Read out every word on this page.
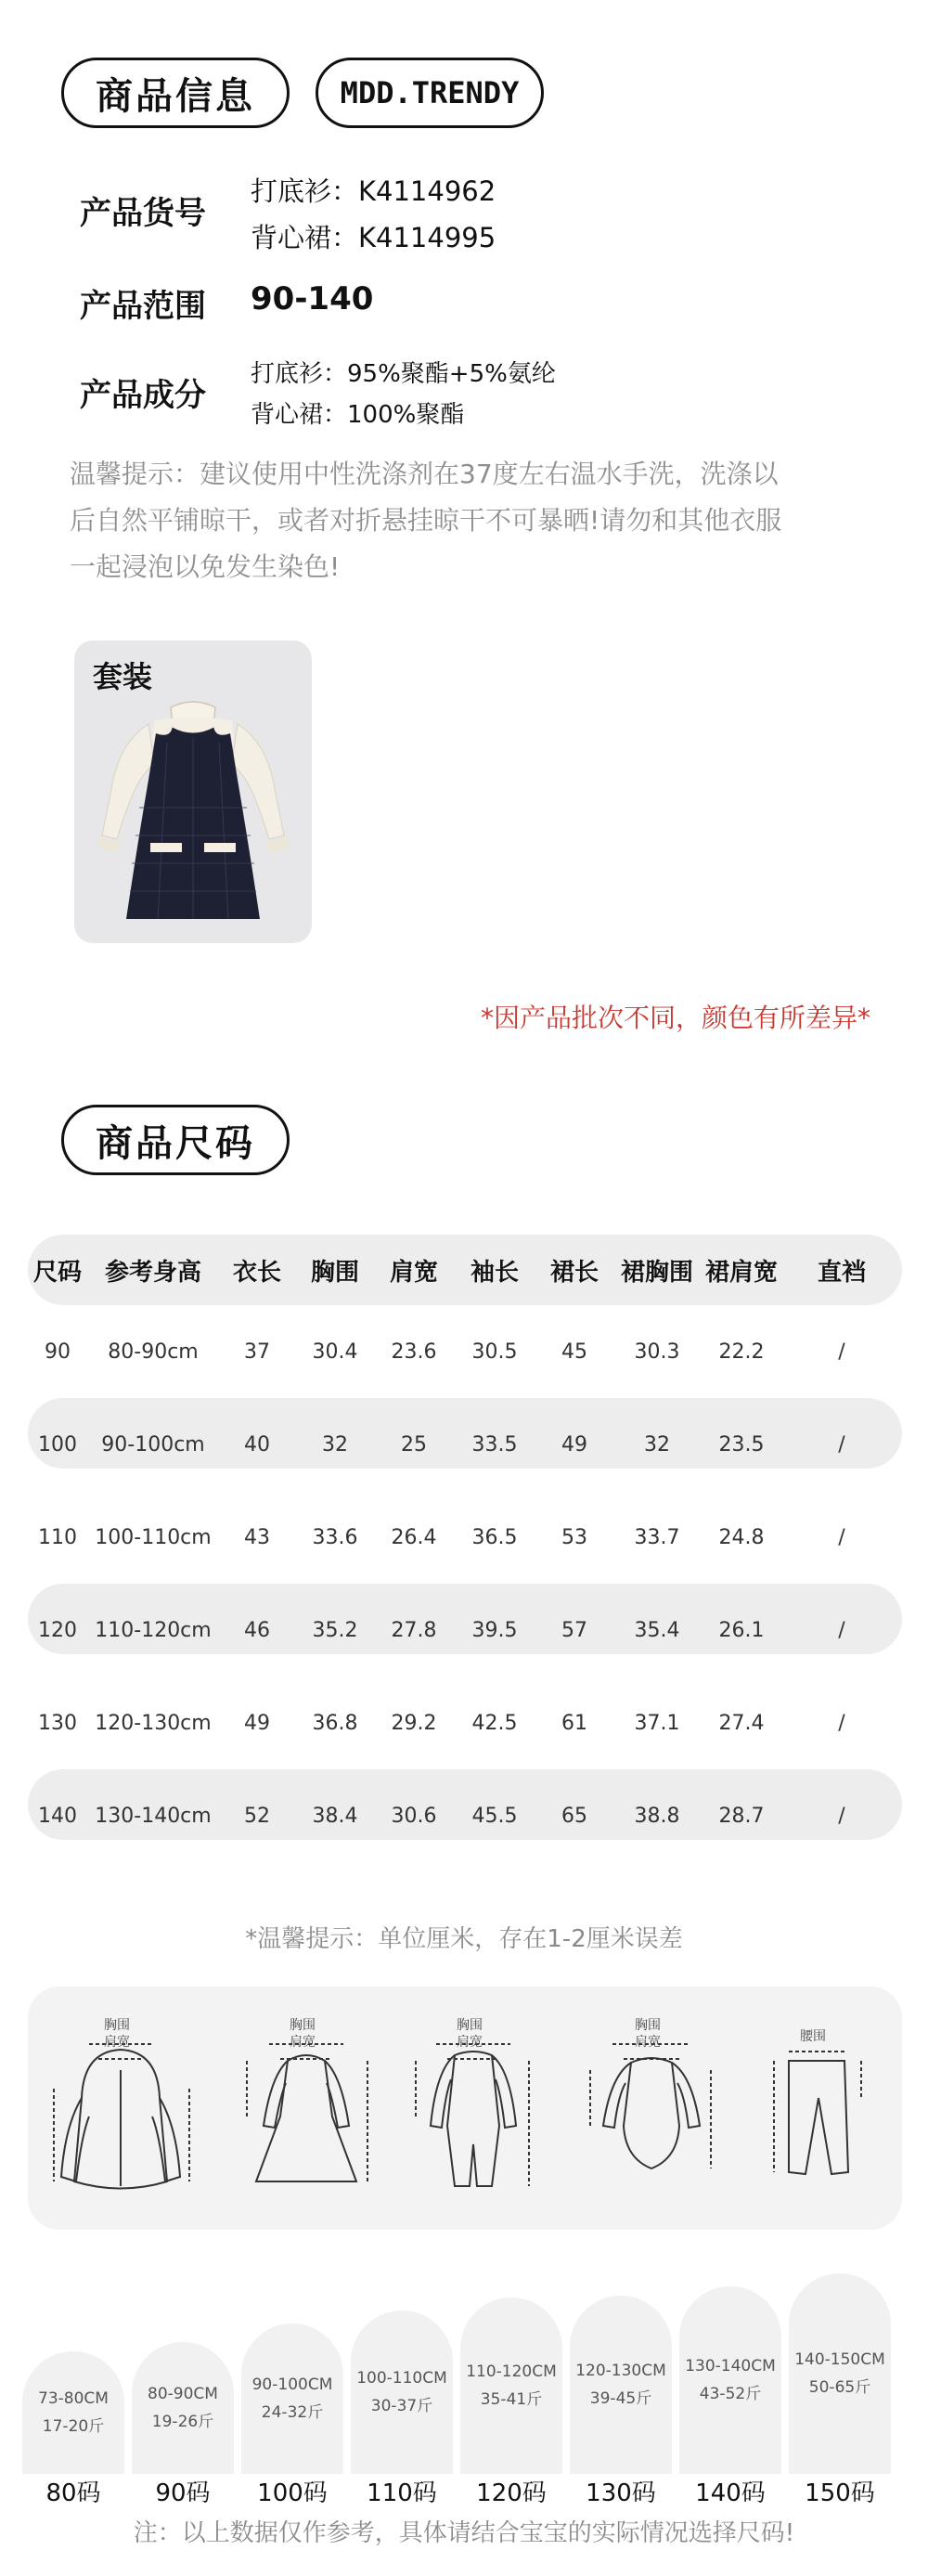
商品信息	MDD. TRENDY
产品货号
打底衫：K4114962
背心裙：K4114995
产品范围 90-140
产品成分
打底衫：95%聚酯+5%氨纶
背心裙：100%聚酯
温馨提示：建议使用中性洗涤剂在37度左右温水手洗，洗涤以
后自然平铺晾干，或者对折悬挂晾干不可暴晒!请勿和其他衣服
一起浸泡以免发生染色!
套装
*因产品批次不同，颜色有所差异*
商品尺码
尺码	参考身高	衣长	胸围	肩宽	袖长	裙长	裙胸围	裙肩宽	直裆
90	80-90cm	37	30.4	23.6	30.5	45	30.3	22.2	/
100	90-100cm	40	32	25	33.5	49	32	23.5	/
110	100-110cm	43	33.6	26.4	36.5	53	33.7	24.8	/
120	110-120cm	46	35.2	27.8	39.5	57	35.4	26.1	/
130	120-130cm	49	36.8	29.2	42.5	61	37.1	27.4	/
140	130-140cm	52	38.4	30.6	45.5	65	38.8	28.7	/
*温馨提示：单位厘米，存在1-2厘米误差
胸围
肩宽
胸围
肩宽
胸围
肩宽
胸围
肩宽	腰围
73-80CM
17-20斤
80-90CM
19-26斤
90-100CM
24-32斤
100-110CM
30-37斤
110-120CM
35-41斤
120-130CM
39-45斤
130-140CM
43-52斤
140-150CM
50-65斤
80码	90码	100码	110码	120码	130码	140码	150码
注：以上数据仅作参考，具体请结合宝宝的实际情况选择尺码!
